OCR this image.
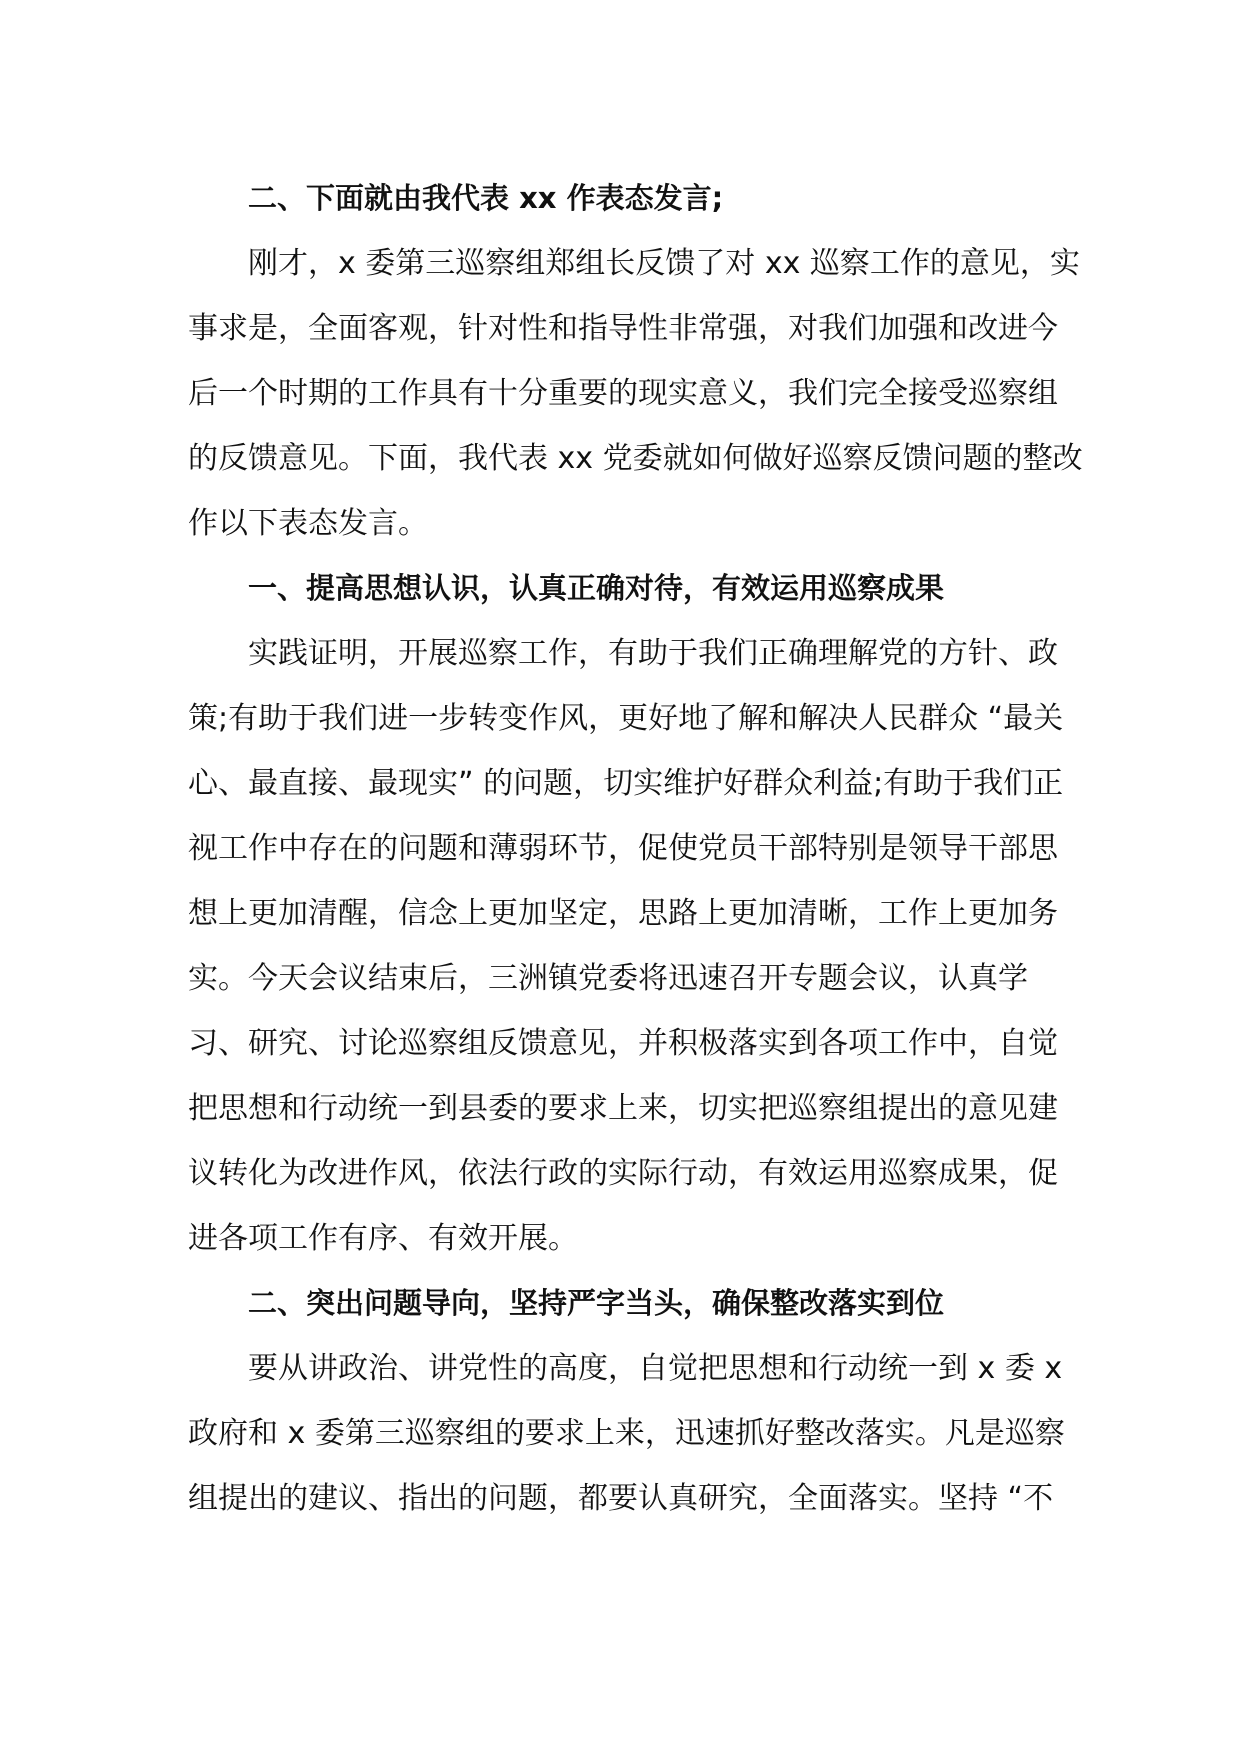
二、下面就由我代表 xx 作表态发言;
刚才，x 委第三巡察组郑组长反馈了对 xx 巡察工作的意见，实
事求是，全面客观，针对性和指导性非常强，对我们加强和改进今
后一个时期的工作具有十分重要的现实意义，我们完全接受巡察组
的反馈意见。下面，我代表 xx 党委就如何做好巡察反馈问题的整改
作以下表态发言。
一、提高思想认识，认真正确对待，有效运用巡察成果
实践证明，开展巡察工作，有助于我们正确理解党的方针、政
策;有助于我们进一步转变作风，更好地了解和解决人民群众 “最关
心、最直接、最现实” 的问题，切实维护好群众利益;有助于我们正
视工作中存在的问题和薄弱环节，促使党员干部特别是领导干部思
想上更加清醒，信念上更加坚定，思路上更加清晰，工作上更加务
实。今天会议结束后，三洲镇党委将迅速召开专题会议，认真学
习、研究、讨论巡察组反馈意见，并积极落实到各项工作中，自觉
把思想和行动统一到县委的要求上来，切实把巡察组提出的意见建
议转化为改进作风，依法行政的实际行动，有效运用巡察成果，促
进各项工作有序、有效开展。
二、突出问题导向，坚持严字当头，确保整改落实到位
要从讲政治、讲党性的高度，自觉把思想和行动统一到 x 委 x
政府和 x 委第三巡察组的要求上来，迅速抓好整改落实。凡是巡察
组提出的建议、指出的问题，都要认真研究，全面落实。坚持 “不
